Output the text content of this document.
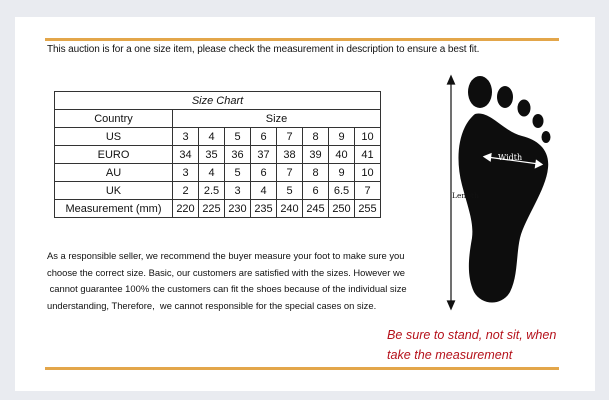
This auction is for a one size item, please check the measurement in description to ensure a best fit.
Size Chart								
Country	Size							
US	3	4	5	6	7	8	9	10
EURO	34	35	36	37	38	39	40	41
AU	3	4	5	6	7	8	9	10
UK	2	2.5	3	4	5	6	6.5	7
Measurement (mm)	220	225	230	235	240	245	250	255
As a responsible seller, we recommend the buyer measure your foot to make sure you
choose the correct size. Basic, our customers are satisfied with the sizes. However we
cannot guarantee 100% the customers can fit the shoes because of the individual size
understanding, Therefore,  we cannot responsible for the special cases on size.
Be sure to stand, not sit, when
take the measurement
Width
Length
